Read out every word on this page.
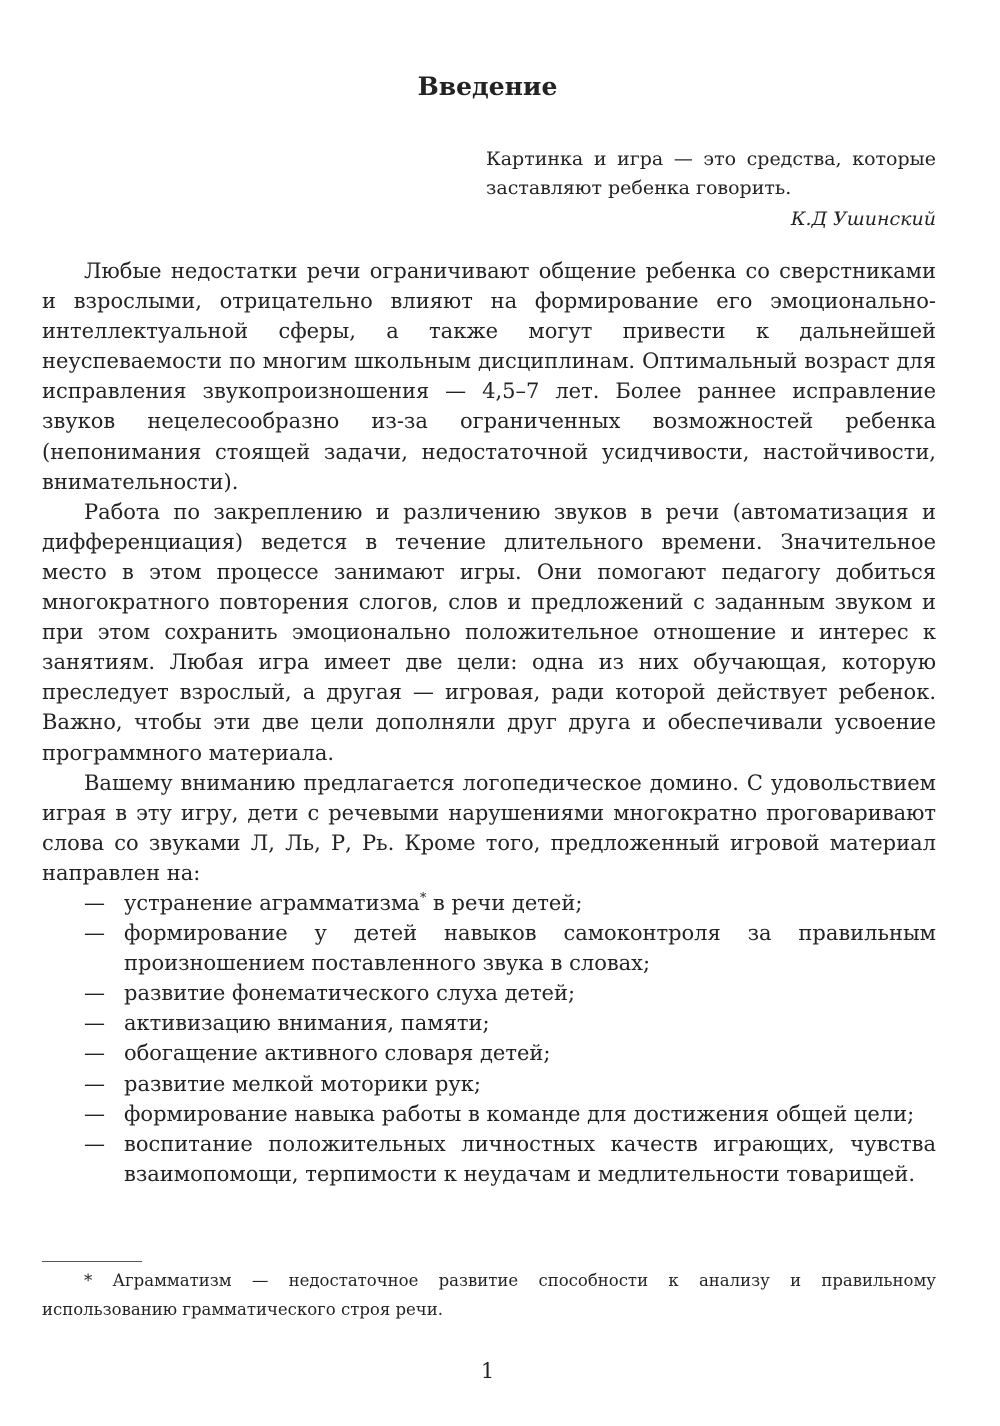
Введение
Картинка и игра — это средства, которые заставляют ребенка говорить.
К.Д Ушинский

Любые недостатки речи ограничивают общение ребенка со сверстниками и взрослыми, отрицательно влияют на формирование его эмоционально-интеллектуальной сферы, а также могут привести к дальнейшей неуспеваемости по многим школьным дисциплинам. Оптимальный возраст для исправления звукопроизношения — 4,5–7 лет. Более раннее исправление звуков нецелесообразно из-за ограниченных возможностей ребенка (непонимания стоящей задачи, недостаточной усидчивости, настойчивости, внимательности).

Работа по закреплению и различению звуков в речи (автоматизация и дифференциация) ведется в течение длительного времени. Значительное место в этом процессе занимают игры. Они помогают педагогу добиться многократного повторения слогов, слов и предложений с заданным звуком и при этом сохранить эмоционально положительное отношение и интерес к занятиям. Любая игра имеет две цели: одна из них обучающая, которую преследует взрослый, а другая — игровая, ради которой действует ребенок. Важно, чтобы эти две цели дополняли друг друга и обеспечивали усвоение программного материала.

Вашему вниманию предлагается логопедическое домино. С удовольствием играя в эту игру, дети с речевыми нарушениями многократно проговаривают слова со звуками Л, Ль, Р, Рь. Кроме того, предложенный игровой материал направлен на:

— устранение аграмматизма* в речи детей;
— формирование у детей навыков самоконтроля за правильным произношением поставленного звука в словах;
— развитие фонематического слуха детей;
— активизацию внимания, памяти;
— обогащение активного словаря детей;
— развитие мелкой моторики рук;
— формирование навыка работы в команде для достижения общей цели;
— воспитание положительных личностных качеств играющих, чувства взаимопомощи, терпимости к неудачам и медлительности товарищей.
* Аграмматизм — недостаточное развитие способности к анализу и правильному использованию грамматического строя речи.
1
